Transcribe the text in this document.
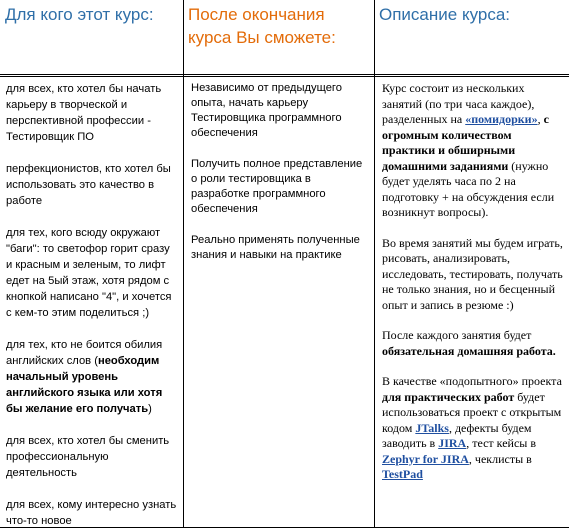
Для кого этот курс:	После окончания курса Вы сможете:
Описание курса:

для всех, кто хотел бы начать карьеру в творческой и перспективной профессии - Тестировщик ПО

перфекционистов, кто хотел бы использовать это качество в работе

для тех, кого всюду окружают "баги": то светофор горит сразу и красным и зеленым, то лифт едет на 5ый этаж, хотя рядом с кнопкой написано "4", и хочется с кем-то этим поделиться ;)

для тех, кто не боится обилия английских слов (необходим начальный уровень английского языка или хотя бы желание его получать)

для всех, кто хотел бы сменить профессиональную деятельность

для всех, кому интересно узнать что-то новое

Независимо от предыдущего опыта, начать карьеру Тестировщика программного обеспечения

Получить полное представление о роли тестировщика в разработке программного обеспечения

Реально применять полученные знания и навыки на практике

Курс состоит из нескольких занятий (по три часа каждое), разделенных на «помидорки», с огромным количеством практики и обширными домашними заданиями (нужно будет уделять часа по 2 на подготовку + на обсуждения если возникнут вопросы).

Во время занятий мы будем играть, рисовать, анализировать, исследовать, тестировать, получать не только знания, но и бесценный опыт и запись в резюме :)

После каждого занятия будет обязательная домашняя работа.

В качестве «подопытного» проекта для практических работ будет использоваться проект с открытым кодом JTalks, дефекты будем заводить в JIRA, тест кейсы в Zephyr for JIRA, чеклисты в TestPad
